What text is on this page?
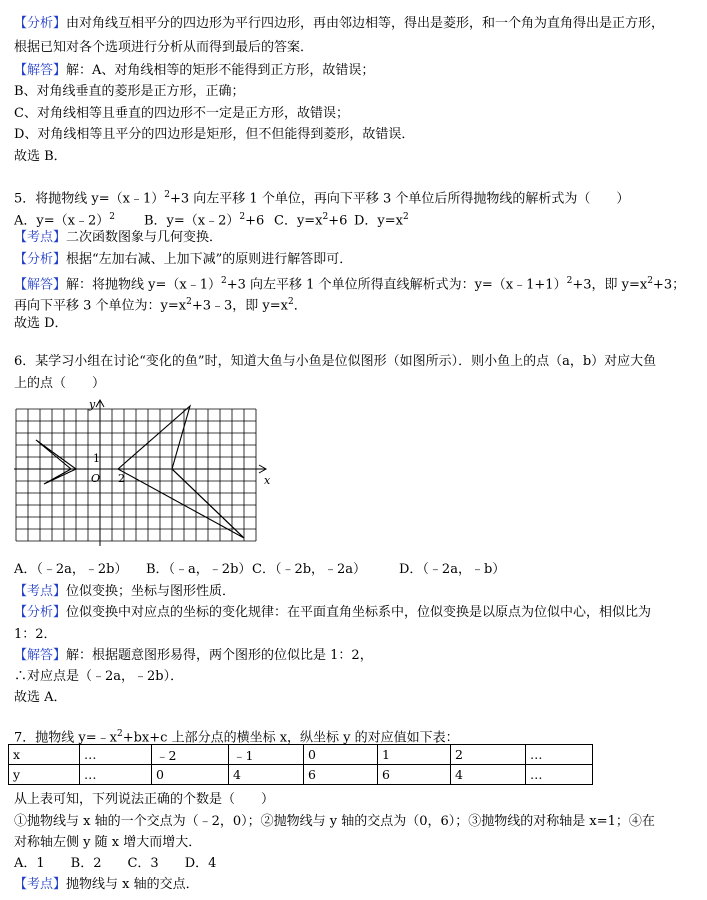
【分析】由对角线互相平分的四边形为平行四边形，再由邻边相等，得出是菱形，和一个角为直角得出是正方形，
根据已知对各个选项进行分析从而得到最后的答案．
【解答】解：A、对角线相等的矩形不能得到正方形，故错误；
B、对角线垂直的菱形是正方形，正确；
C、对角线相等且垂直的四边形不一定是正方形，故错误；
D、对角线相等且平分的四边形是矩形，但不但能得到菱形，故错误．
故选 B．
5．将抛物线 y=（x﹣1）$^2$+3 向左平移 1 个单位，再向下平移 3 个单位后所得抛物线的解析式为（　　）
A．y=（x﹣2）$^2$ B．y=（x﹣2）$^2$+6 C．$y=x^2+6$ D．$y=x^2$
【考点】二次函数图象与几何变换．
【分析】根据“左加右减、上加下减”的原则进行解答即可．
【解答】解：将抛物线 y=（x﹣1）$^2$+3 向左平移 1 个单位所得直线解析式为：y=（x﹣1+1）$^2$+3，即 $y=x^2+3$；
再向下平移 3 个单位为：$y=x^2+3﹣3$，即 $y=x^2$．
故选 D．
6．某学习小组在讨论“变化的鱼”时，知道大鱼与小鱼是位似图形（如图所示）．则小鱼上的点（a，b）对应大鱼
上的点（　　）
y
x
O
1
2
A．（﹣2a，﹣2b） B．（﹣a，﹣2b）C．（﹣2b，﹣2a）	D．（﹣2a，﹣b）
【考点】位似变换；坐标与图形性质．
【分析】位似变换中对应点的坐标的变化规律：在平面直角坐标系中，位似变换是以原点为位似中心，相似比为
1：2．
【解答】解：根据题意图形易得，两个图形的位似比是 1：2，
∴对应点是（﹣2a，﹣2b）．
故选 A．
7．抛物线 $y=﹣x^2+bx+c$ 上部分点的横坐标 x，纵坐标 y 的对应值如下表：
x	…	﹣2	﹣1	0	1	2	…
y	…	0	4	6	6	4	…
从上表可知，下列说法正确的个数是（　　）
①抛物线与 x 轴的一个交点为（﹣2，0）；②抛物线与 y 轴的交点为（0，6）；③抛物线的对称轴是 x=1；④在
对称轴左侧 y 随 x 增大而增大．
A．1　　B．2　　C．3　　D．4
【考点】抛物线与 x 轴的交点．
